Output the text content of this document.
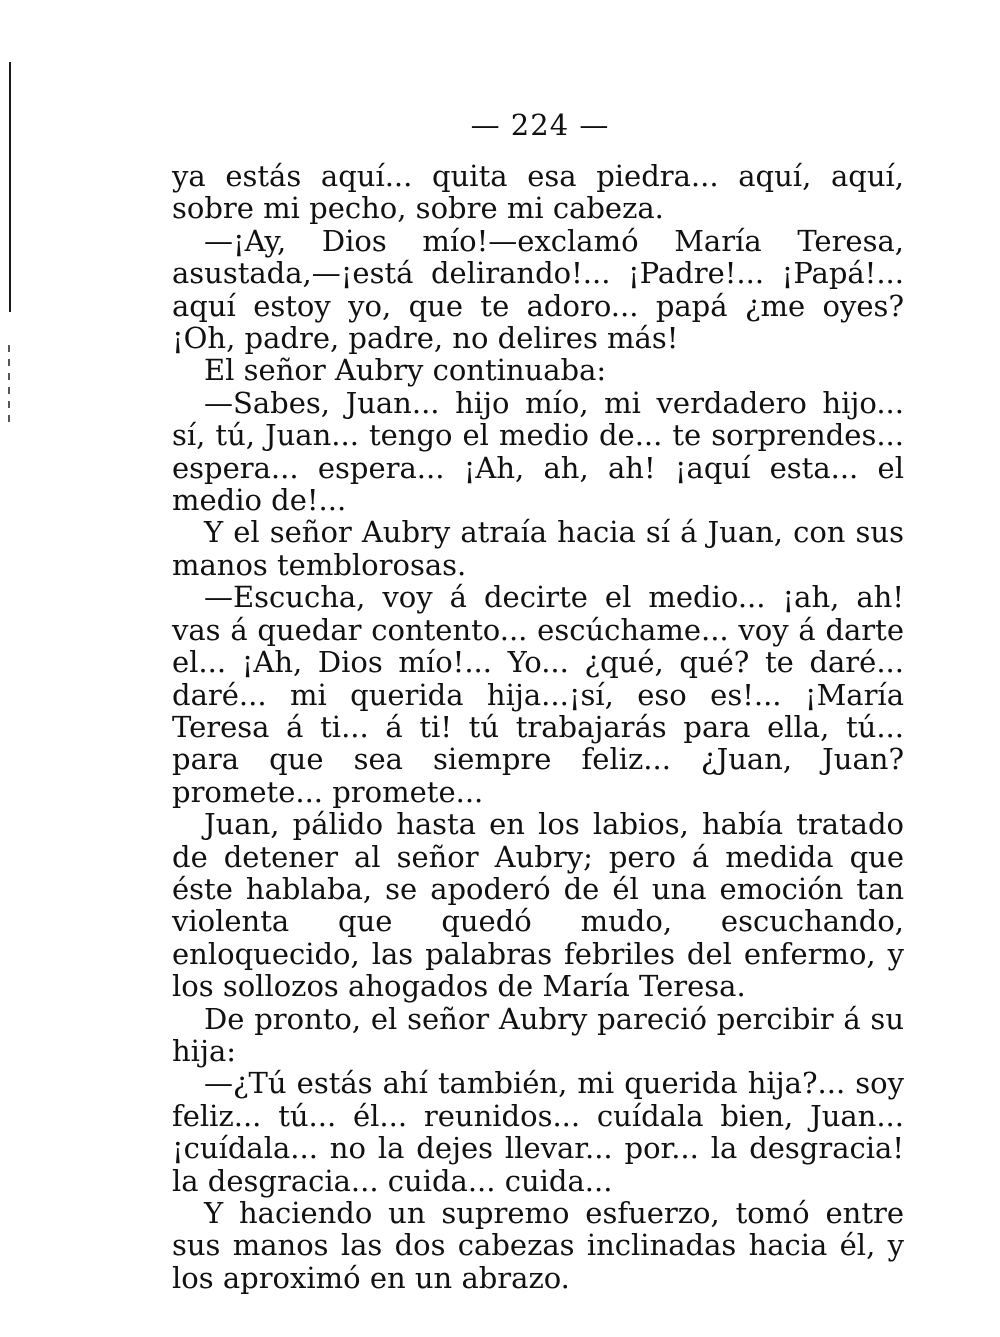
— 224 —

ya estás aquí... quita esa piedra... aquí, aquí, sobre mi pecho, sobre mi cabeza.

—¡Ay, Dios mío!—exclamó María Teresa, asustada,—¡está delirando!... ¡Padre!... ¡Papá!... aquí estoy yo, que te adoro... papá ¿me oyes? ¡Oh, padre, padre, no delires más!

El señor Aubry continuaba:

—Sabes, Juan... hijo mío, mi verdadero hijo... sí, tú, Juan... tengo el medio de... te sorprendes... espera... espera... ¡Ah, ah, ah! ¡aquí esta... el medio de!...

Y el señor Aubry atraía hacia sí á Juan, con sus manos temblorosas.

—Escucha, voy á decirte el medio... ¡ah, ah! vas á quedar contento... escúchame... voy á darte el... ¡Ah, Dios mío!... Yo... ¿qué, qué? te daré... daré... mi querida hija...¡sí, eso es!... ¡María Teresa á ti... á ti! tú trabajarás para ella, tú... para que sea siempre feliz... ¿Juan, Juan? promete... promete...

Juan, pálido hasta en los labios, había tratado de detener al señor Aubry; pero á medida que éste hablaba, se apoderó de él una emoción tan violenta que quedó mudo, escuchando, enloquecido, las palabras febriles del enfermo, y los sollozos ahogados de María Teresa.

De pronto, el señor Aubry pareció percibir á su hija:

—¿Tú estás ahí también, mi querida hija?... soy feliz... tú... él... reunidos... cuídala bien, Juan... ¡cuídala... no la dejes llevar... por... la desgracia! la desgracia... cuida... cuida...

Y haciendo un supremo esfuerzo, tomó entre sus manos las dos cabezas inclinadas hacia él, y los aproximó en un abrazo.
